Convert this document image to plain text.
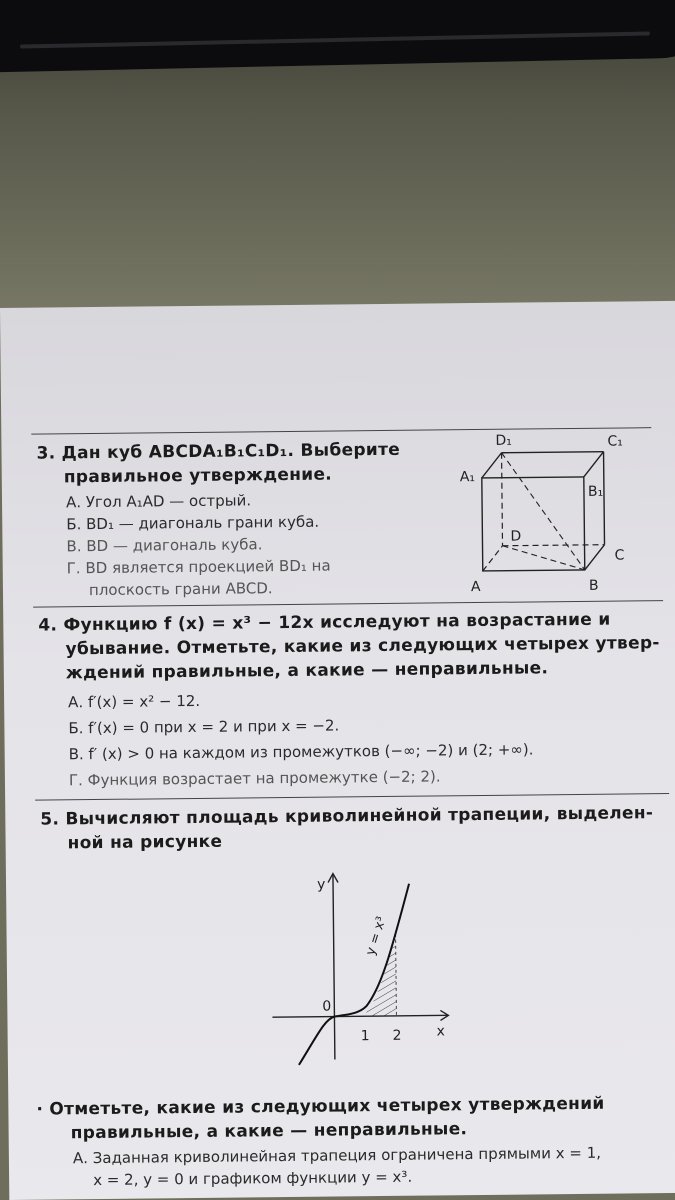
3. Дан куб ABCDA₁B₁C₁D₁. Выберите
правильное утверждение.
А. Угол A₁AD — острый.
Б. BD₁ — диагональ грани куба.
В. BD — диагональ куба.
Г. BD является проекцией BD₁ на
плоскость грани ABCD.
D₁	C₁
A₁
B₁
D
C
A	B
4. Функцию f (x) = x³ − 12x исследуют на возрастание и
убывание. Отметьте, какие из следующих четырех утвер-
ждений правильные, а какие — неправильные.
А. f′(x) = x² − 12.
Б. f′(x) = 0 при x = 2 и при x = −2.
В. f′ (x) > 0 на каждом из промежутков (−∞; −2) и (2; +∞).
Г. Функция возрастает на промежутке (−2; 2).
5. Вычисляют площадь криволинейной трапеции, выделен-
ной на рисунке
y
x
0
1 2
y = x³
· Отметьте, какие из следующих четырех утверждений
правильные, а какие — неправильные.
А. Заданная криволинейная трапеция ограничена прямыми x = 1,
x = 2, y = 0 и графиком функции y = x³.
